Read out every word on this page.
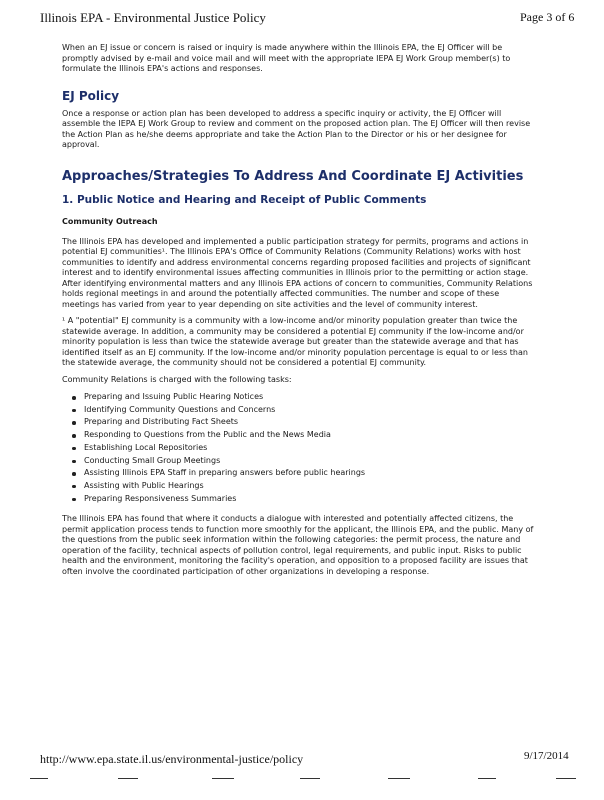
Illinois EPA - Environmental Justice Policy	Page 3 of 6

When an EJ issue or concern is raised or inquiry is made anywhere within the Illinois EPA, the EJ Officer will be promptly advised by e-mail and voice mail and will meet with the appropriate IEPA EJ Work Group member(s) to formulate the Illinois EPA's actions and responses.

EJ Policy

Once a response or action plan has been developed to address a specific inquiry or activity, the EJ Officer will assemble the IEPA EJ Work Group to review and comment on the proposed action plan. The EJ Officer will then revise the Action Plan as he/she deems appropriate and take the Action Plan to the Director or his or her designee for approval.

Approaches/Strategies To Address And Coordinate EJ Activities
1. Public Notice and Hearing and Receipt of Public Comments
Community Outreach

The Illinois EPA has developed and implemented a public participation strategy for permits, programs and actions in potential EJ communities¹. The Illinois EPA's Office of Community Relations (Community Relations) works with host communities to identify and address environmental concerns regarding proposed facilities and projects of significant interest and to identify environmental issues affecting communities in Illinois prior to the permitting or action stage. After identifying environmental matters and any Illinois EPA actions of concern to communities, Community Relations holds regional meetings in and around the potentially affected communities. The number and scope of these meetings has varied from year to year depending on site activities and the level of community interest.

¹ A "potential" EJ community is a community with a low-income and/or minority population greater than twice the statewide average. In addition, a community may be considered a potential EJ community if the low-income and/or minority population is less than twice the statewide average but greater than the statewide average and that has identified itself as an EJ community. If the low-income and/or minority population percentage is equal to or less than the statewide average, the community should not be considered a potential EJ community.

Community Relations is charged with the following tasks:

Preparing and Issuing Public Hearing Notices
Identifying Community Questions and Concerns
Preparing and Distributing Fact Sheets
Responding to Questions from the Public and the News Media
Establishing Local Repositories
Conducting Small Group Meetings
Assisting Illinois EPA Staff in preparing answers before public hearings
Assisting with Public Hearings
Preparing Responsiveness Summaries

The Illinois EPA has found that where it conducts a dialogue with interested and potentially affected citizens, the permit application process tends to function more smoothly for the applicant, the Illinois EPA, and the public. Many of the questions from the public seek information within the following categories: the permit process, the nature and operation of the facility, technical aspects of pollution control, legal requirements, and public input. Risks to public health and the environment, monitoring the facility's operation, and opposition to a proposed facility are issues that often involve the coordinated participation of other organizations in developing a response.

http://www.epa.state.il.us/environmental-justice/policy	9/17/2014
